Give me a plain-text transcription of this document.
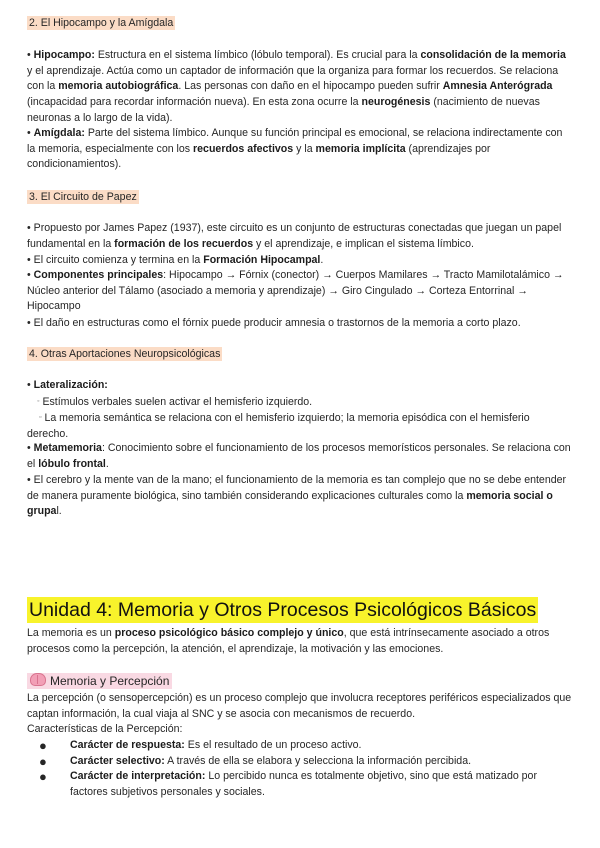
2. El Hipocampo y la Amígdala
• Hipocampo: Estructura en el sistema límbico (lóbulo temporal). Es crucial para la consolidación de la memoria y el aprendizaje. Actúa como un captador de información que la organiza para formar los recuerdos. Se relaciona con la memoria autobiográfica. Las personas con daño en el hipocampo pueden sufrir Amnesia Anterógrada (incapacidad para recordar información nueva). En esta zona ocurre la neurogénesis (nacimiento de nuevas neuronas a lo largo de la vida).
• Amígdala: Parte del sistema límbico. Aunque su función principal es emocional, se relaciona indirectamente con la memoria, especialmente con los recuerdos afectivos y la memoria implícita (aprendizajes por condicionamientos).
3. El Circuito de Papez
• Propuesto por James Papez (1937), este circuito es un conjunto de estructuras conectadas que juegan un papel fundamental en la formación de los recuerdos y el aprendizaje, e implican el sistema límbico.
• El circuito comienza y termina en la Formación Hipocampal.
• Componentes principales: Hipocampo → Fórnix (conector) → Cuerpos Mamilares → Tracto Mamilotalámico → Núcleo anterior del Tálamo (asociado a memoria y aprendizaje) → Giro Cingulado → Corteza Entorrinal → Hipocampo
• El daño en estructuras como el fórnix puede producir amnesia o trastornos de la memoria a corto plazo.
4. Otras Aportaciones Neuropsicológicas
• Lateralización:
◦ Estímulos verbales suelen activar el hemisferio izquierdo.
▫ La memoria semántica se relaciona con el hemisferio izquierdo; la memoria episódica con el hemisferio derecho.
• Metamemoria: Conocimiento sobre el funcionamiento de los procesos memorísticos personales. Se relaciona con el lóbulo frontal.
• El cerebro y la mente van de la mano; el funcionamiento de la memoria es tan complejo que no se debe entender de manera puramente biológica, sino también considerando explicaciones culturales como la memoria social o grupal.
Unidad 4: Memoria y Otros Procesos Psicológicos Básicos
La memoria es un proceso psicológico básico complejo y único, que está intrínsecamente asociado a otros procesos como la percepción, la atención, el aprendizaje, la motivación y las emociones.
Memoria y Percepción
La percepción (o sensopercepción) es un proceso complejo que involucra receptores periféricos especializados que captan información, la cual viaja al SNC y se asocia con mecanismos de recuerdo.
Características de la Percepción:
● Carácter de respuesta: Es el resultado de un proceso activo.
● Carácter selectivo: A través de ella se elabora y selecciona la información percibida.
● Carácter de interpretación: Lo percibido nunca es totalmente objetivo, sino que está matizado por factores subjetivos personales y sociales.
